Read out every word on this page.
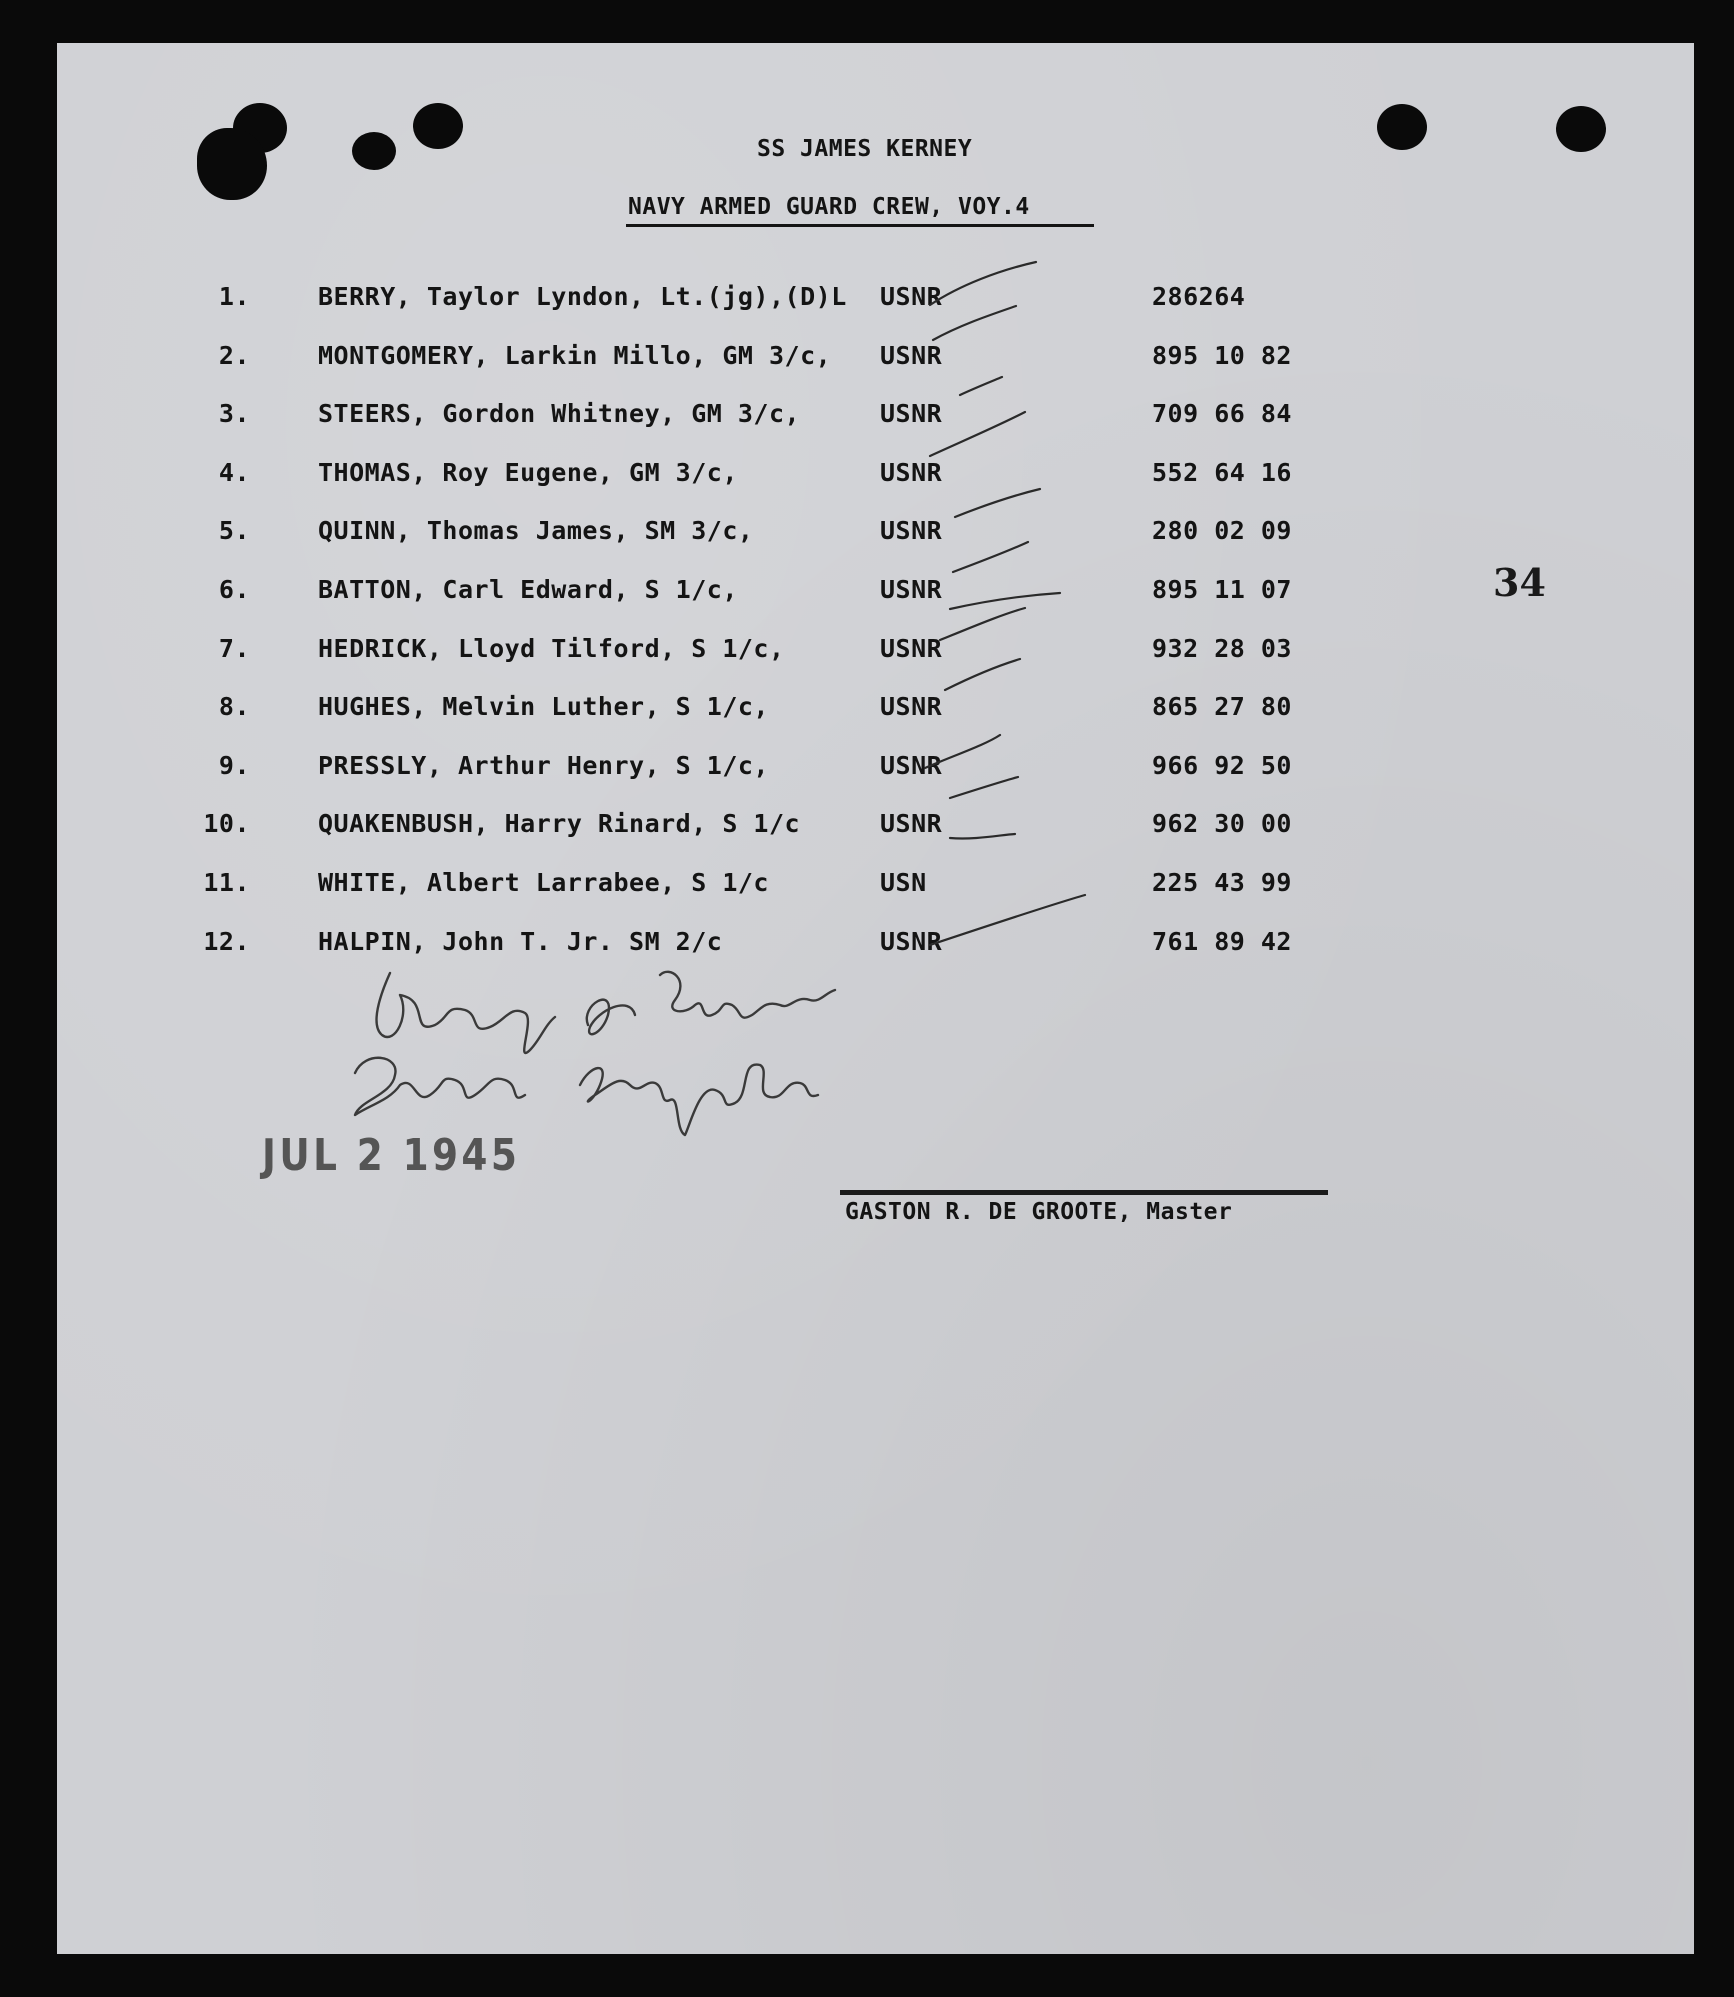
SS JAMES KERNEY
NAVY ARMED GUARD CREW, VOY.4
1.	BERRY, Taylor Lyndon, Lt.(jg),(D)L USNR	286264
2.	MONTGOMERY, Larkin Millo, GM 3/c, USNR	895 10 82
3.	STEERS, Gordon Whitney, GM 3/c,	USNR	709 66 84
4.	THOMAS, Roy Eugene, GM 3/c,	USNR	552 64 16
5.	QUINN, Thomas James, SM 3/c,	USNR	280 02 09
6.	BATTON, Carl Edward, S 1/c,	USNR	895 11 07
7.	HEDRICK, Lloyd Tilford, S 1/c,	USNR	932 28 03
8.	HUGHES, Melvin Luther, S 1/c,	USNR	865 27 80
9.	PRESSLY, Arthur Henry, S 1/c,	USNR	966 92 50
10.	QUAKENBUSH, Harry Rinard, S 1/c	USNR	962 30 00
11.	WHITE, Albert Larrabee, S 1/c	USN	225 43 99
12.	HALPIN, John T. Jr. SM 2/c	USNR	761 89 42
34
JUL 2 1945
GASTON R. DE GROOTE, Master
